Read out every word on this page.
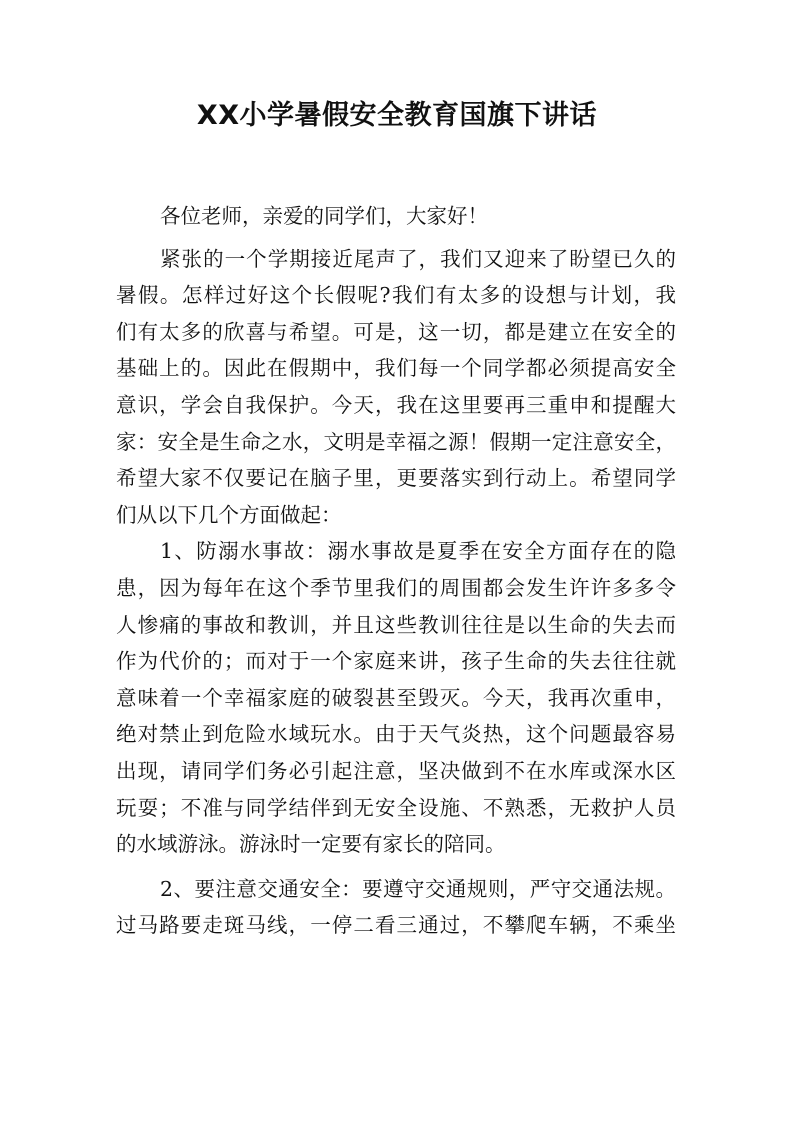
XX小学暑假安全教育国旗下讲话
各位老师，亲爱的同学们，大家好！
紧张的一个学期接近尾声了，我们又迎来了盼望已久的
暑假。怎样过好这个长假呢?我们有太多的设想与计划，我
们有太多的欣喜与希望。可是，这一切，都是建立在安全的
基础上的。因此在假期中，我们每一个同学都必须提高安全
意识，学会自我保护。今天，我在这里要再三重申和提醒大
家：安全是生命之水，文明是幸福之源！假期一定注意安全，
希望大家不仅要记在脑子里，更要落实到行动上。希望同学
们从以下几个方面做起：
1、防溺水事故：溺水事故是夏季在安全方面存在的隐
患，因为每年在这个季节里我们的周围都会发生许许多多令
人惨痛的事故和教训，并且这些教训往往是以生命的失去而
作为代价的；而对于一个家庭来讲，孩子生命的失去往往就
意味着一个幸福家庭的破裂甚至毁灭。今天，我再次重申，
绝对禁止到危险水域玩水。由于天气炎热，这个问题最容易
出现，请同学们务必引起注意，坚决做到不在水库或深水区
玩耍；不准与同学结伴到无安全设施、不熟悉，无救护人员
的水域游泳。游泳时一定要有家长的陪同。
2、要注意交通安全：要遵守交通规则，严守交通法规。
过马路要走斑马线，一停二看三通过，不攀爬车辆，不乘坐
